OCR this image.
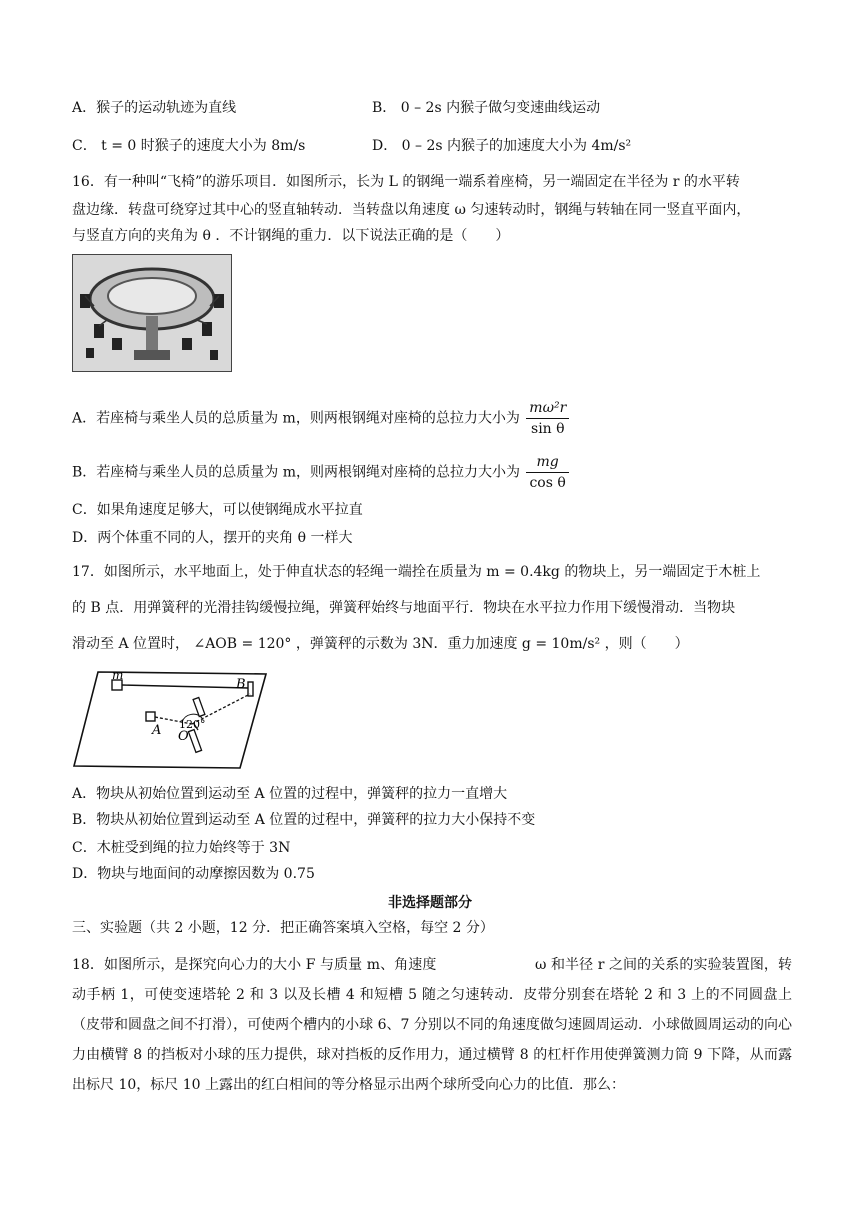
A．猴子的运动轨迹为直线	B． 0 – 2s 内猴子做匀变速曲线运动
C． t = 0 时猴子的速度大小为 8m/s	D． 0 – 2s 内猴子的加速度大小为 4m/s²
16．有一种叫“飞椅”的游乐项目．如图所示，长为 L 的钢绳一端系着座椅，另一端固定在半径为 r 的水平转
盘边缘．转盘可绕穿过其中心的竖直轴转动．当转盘以角速度 ω 匀速转动时，钢绳与转轴在同一竖直平面内，
与竖直方向的夹角为 θ ．不计钢绳的重力．以下说法正确的是（　　）
A．若座椅与乘坐人员的总质量为 m，则两根钢绳对座椅的总拉力大小为 $\frac{\text{mω²r}}{\text{sin θ}}$
B．若座椅与乘坐人员的总质量为 m，则两根钢绳对座椅的总拉力大小为 $\frac{mg}{\text{cos θ}}$
C．如果角速度足够大，可以使钢绳成水平拉直
D．两个体重不同的人，摆开的夹角 θ 一样大
17．如图所示，水平地面上，处于伸直状态的轻绳一端拴在质量为 m = 0.4kg 的物块上，另一端固定于木桩上
的 B 点．用弹簧秤的光滑挂钩缓慢拉绳，弹簧秤始终与地面平行．物块在水平拉力作用下缓慢滑动．当物块
滑动至 A 位置时， ∠AOB = 120° ，弹簧秤的示数为 3N．重力加速度 g = 10m/s² ，则（　　）
m
B
A O
120°
A．物块从初始位置到运动至 A 位置的过程中，弹簧秤的拉力一直增大
B．物块从初始位置到运动至 A 位置的过程中，弹簧秤的拉力大小保持不变
C．木桩受到绳的拉力始终等于 3N
D．物块与地面间的动摩擦因数为 0.75
非选择题部分
三、实验题（共 2 小题，12 分．把正确答案填入空格，每空 2 分）
18．如图所示，是探究向心力的大小 F 与质量 m、角速度　　　　　　　ω 和半径 r 之间的关系的实验装置图，转动手柄 1，可使变速塔轮 2 和 3 以及长槽 4 和短槽 5 随之匀速转动．皮带分别套在塔轮 2 和 3 上的不同圆盘上（皮带和圆盘之间不打滑），可使两个槽内的小球 6、7 分别以不同的角速度做匀速圆周运动．小球做圆周运动的向心力由横臂 8 的挡板对小球的压力提供，球对挡板的反作用力，通过横臂 8 的杠杆作用使弹簧测力筒 9 下降，从而露出标尺 10，标尺 10 上露出的红白相间的等分格显示出两个球所受向心力的比值．那么：
